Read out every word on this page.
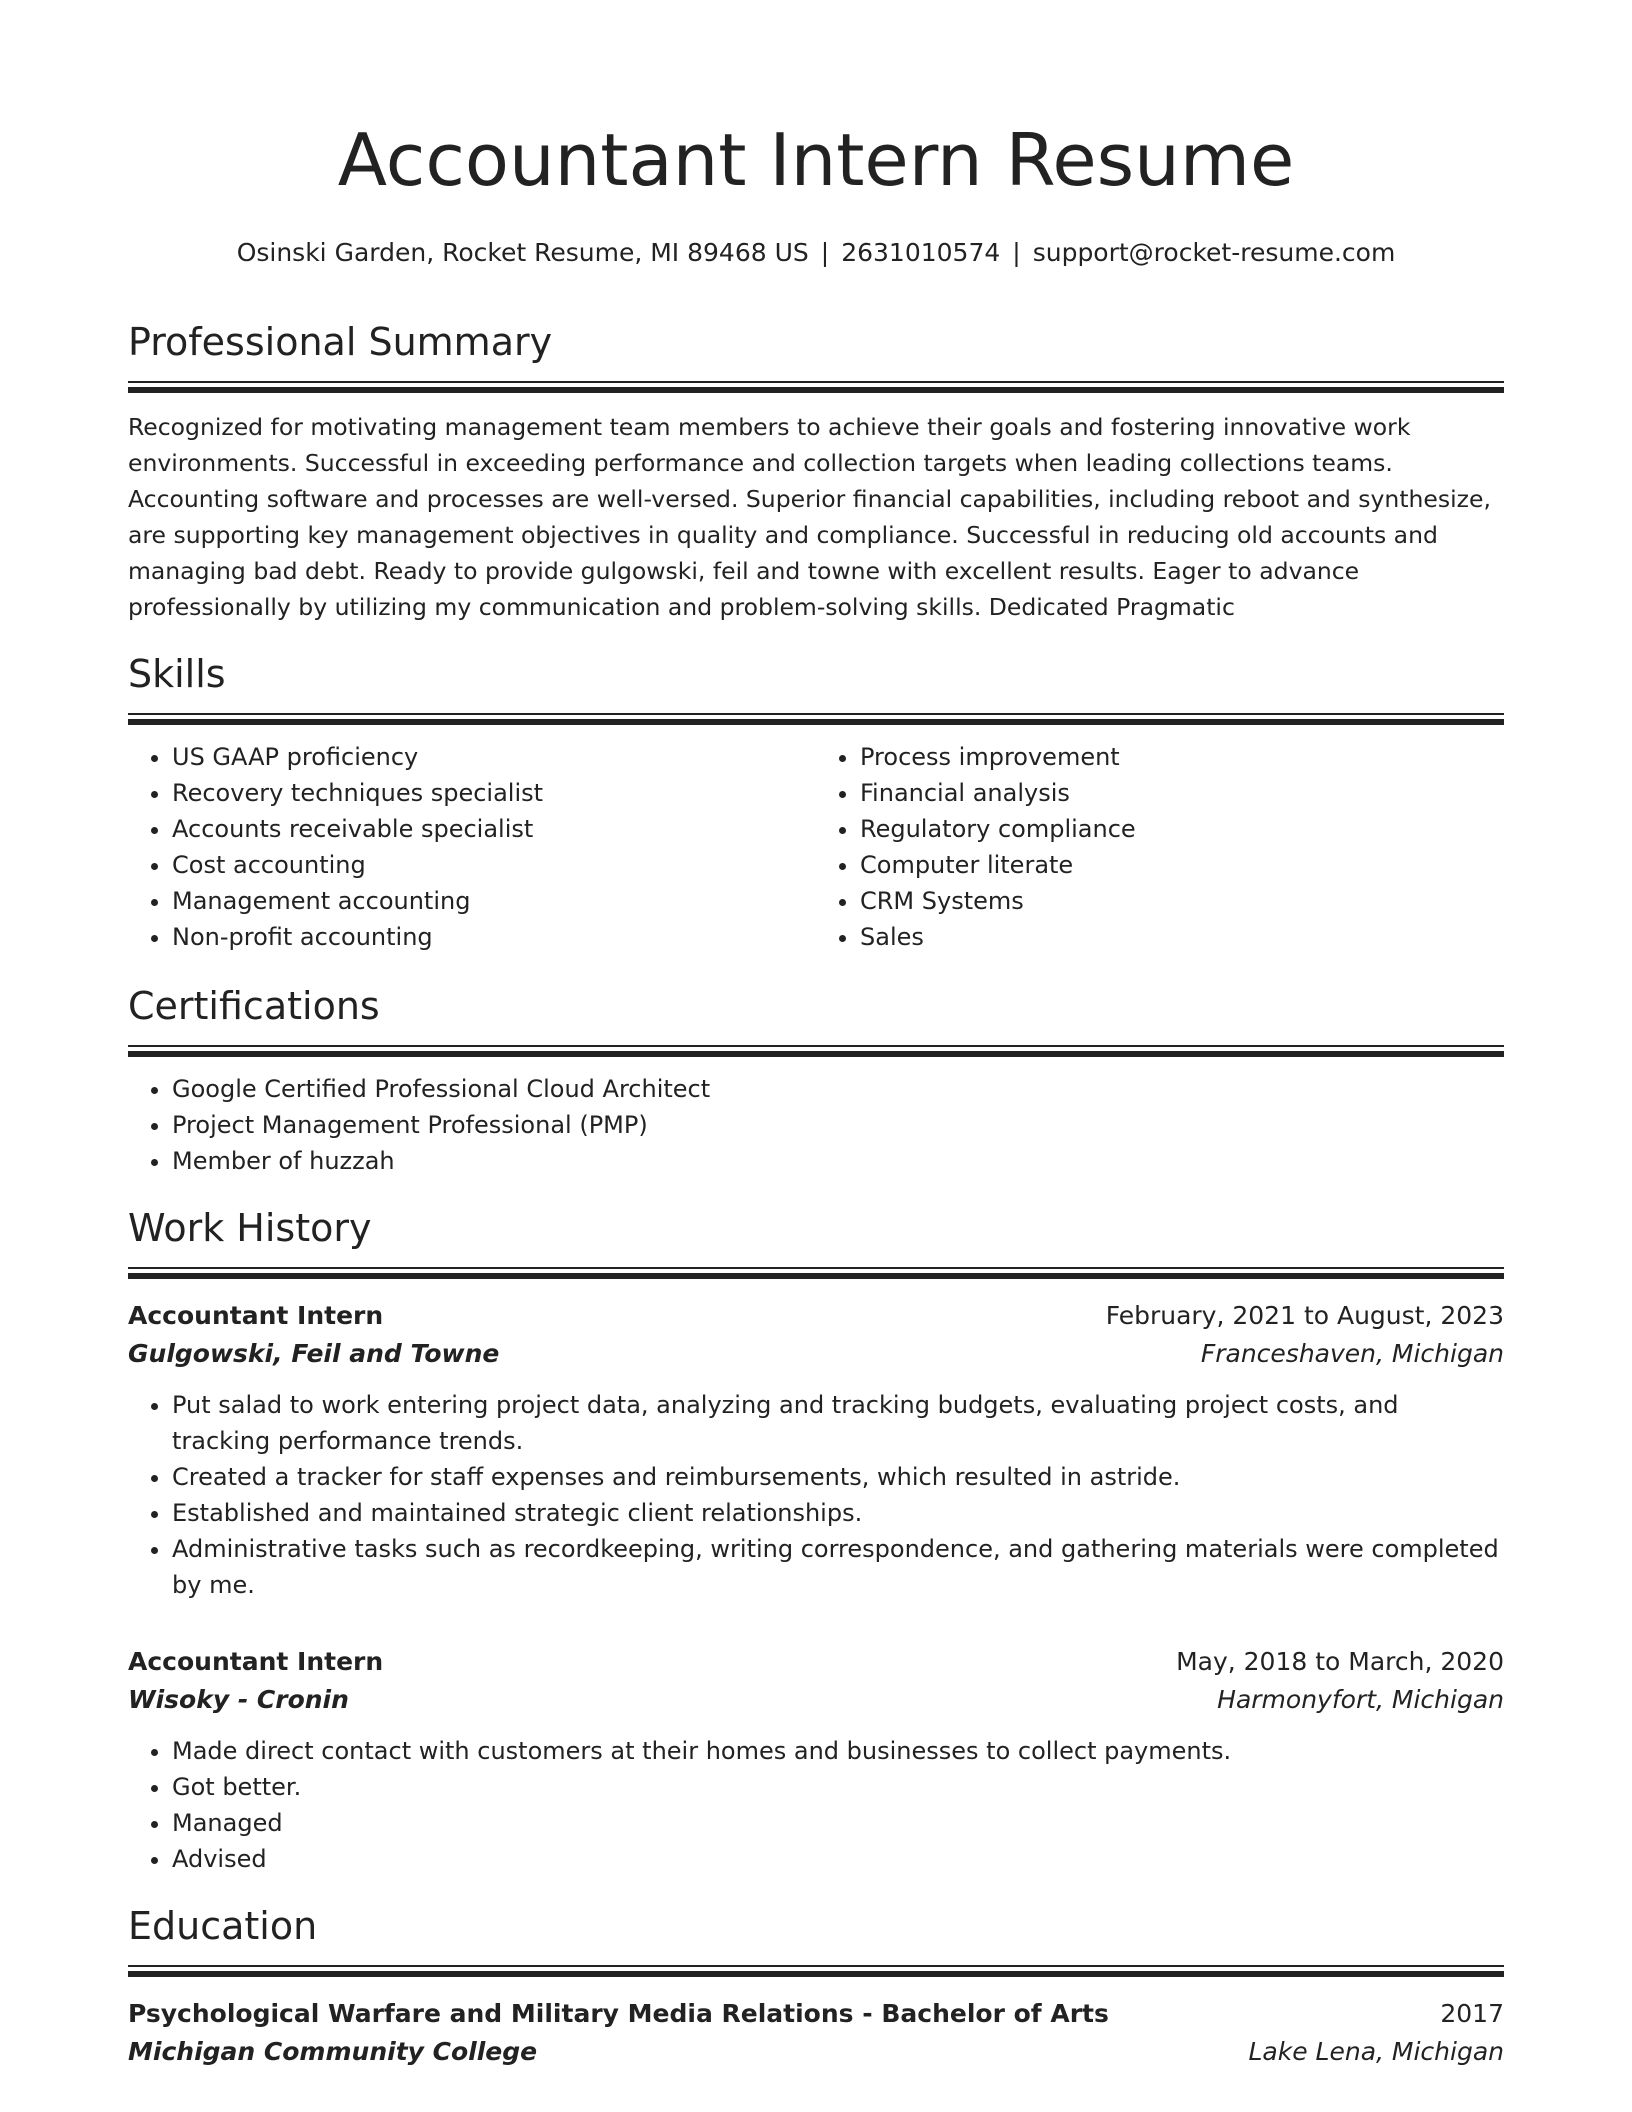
Accountant Intern Resume
Osinski Garden, Rocket Resume, MI 89468 US | 2631010574 | support@rocket-resume.com
Professional Summary
Recognized for motivating management team members to achieve their goals and fostering innovative work environments. Successful in exceeding performance and collection targets when leading collections teams. Accounting software and processes are well-versed. Superior financial capabilities, including reboot and synthesize, are supporting key management objectives in quality and compliance. Successful in reducing old accounts and managing bad debt. Ready to provide gulgowski, feil and towne with excellent results. Eager to advance professionally by utilizing my communication and problem-solving skills. Dedicated Pragmatic
Skills
• US GAAP proficiency
• Recovery techniques specialist
• Accounts receivable specialist
• Cost accounting
• Management accounting
• Non-profit accounting
• Process improvement
• Financial analysis
• Regulatory compliance
• Computer literate
• CRM Systems
• Sales
Certifications
• Google Certified Professional Cloud Architect
• Project Management Professional (PMP)
• Member of huzzah
Work History
Accountant Intern	February, 2021 to August, 2023
Gulgowski, Feil and Towne	Franceshaven, Michigan
• Put salad to work entering project data, analyzing and tracking budgets, evaluating project costs, and tracking performance trends.
• Created a tracker for staff expenses and reimbursements, which resulted in astride.
• Established and maintained strategic client relationships.
• Administrative tasks such as recordkeeping, writing correspondence, and gathering materials were completed by me.
Accountant Intern	May, 2018 to March, 2020
Wisoky - Cronin	Harmonyfort, Michigan
• Made direct contact with customers at their homes and businesses to collect payments.
• Got better.
• Managed
• Advised
Education
Psychological Warfare and Military Media Relations - Bachelor of Arts	2017
Michigan Community College	Lake Lena, Michigan
